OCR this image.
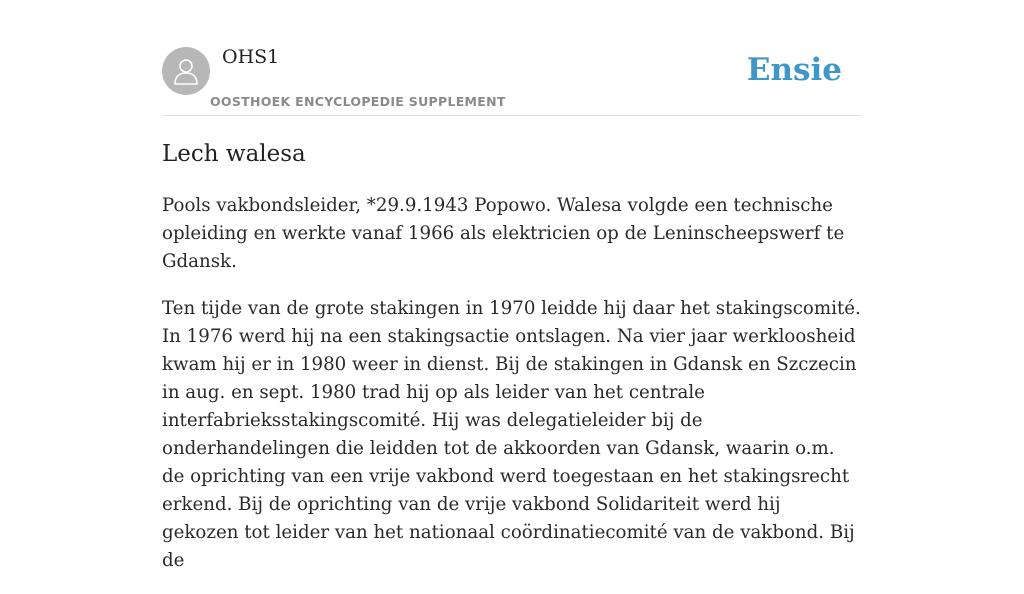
OHS1
OOSTHOEK ENCYCLOPEDIE SUPPLEMENT
Ensie
Lech walesa

Pools vakbondsleider, *29.9.1943 Popowo. Walesa volgde een technische opleiding en werkte vanaf 1966 als elektricien op de Leninscheepswerf te Gdansk.

Ten tijde van de grote stakingen in 1970 leidde hij daar het stakingscomité. In 1976 werd hij na een stakingsactie ontslagen. Na vier jaar werkloosheid kwam hij er in 1980 weer in dienst. Bij de stakingen in Gdansk en Szczecin in aug. en sept. 1980 trad hij op als leider van het centrale interfabrieksstakingscomité. Hij was delegatieleider bij de onderhandelingen die leidden tot de akkoorden van Gdansk, waarin o.m. de oprichting van een vrije vakbond werd toegestaan en het stakingsrecht erkend. Bij de oprichting van de vrije vakbond Solidariteit werd hij gekozen tot leider van het nationaal coördinatiecomité van de vakbond. Bij de
